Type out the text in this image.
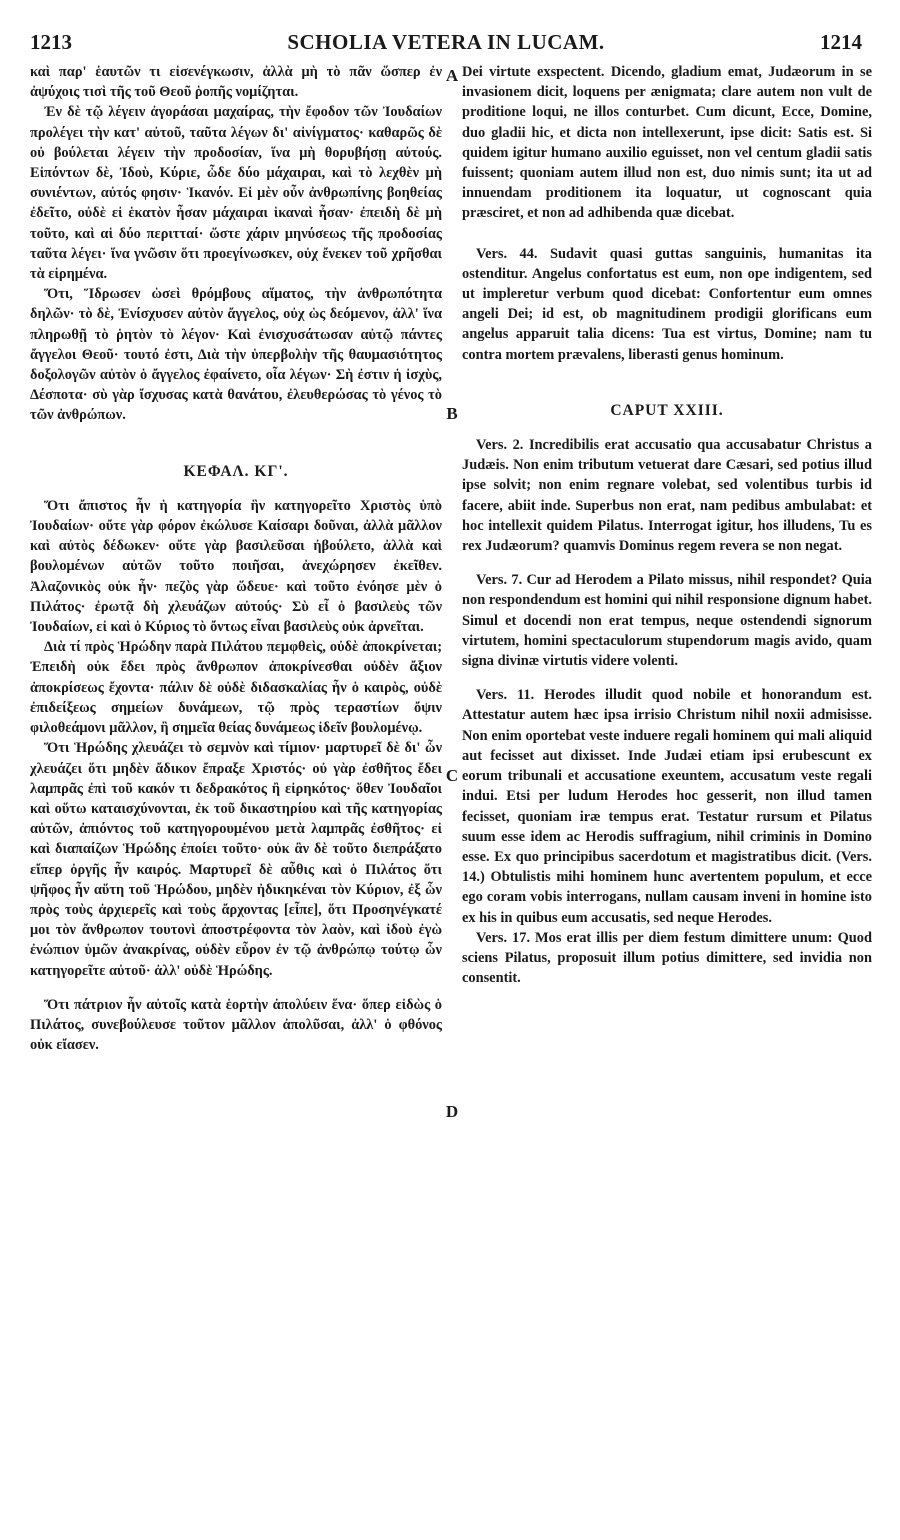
1213	SCHOLIA VETERA IN LUCAM.	1214

καὶ παρ' ἑαυτῶν τι εἰσενέγκωσιν, ἀλλὰ μὴ τὸ πᾶν ὥσπερ ἐν ἀψύχοις τισὶ τῆς τοῦ Θεοῦ ῥοπῆς νομίζηται.

Ἐν δὲ τῷ λέγειν ἀγοράσαι μαχαίρας, τὴν ἔφοδον τῶν Ἰουδαίων προλέγει τὴν κατ' αὐτοῦ, ταῦτα λέγων δι' αἰνίγματος· καθαρῶς δὲ οὐ βούλεται λέγειν τὴν προδοσίαν, ἵνα μὴ θορυβήσῃ αὐτούς. Εἰπόντων δὲ, Ἰδοὺ, Κύριε, ὧδε δύο μάχαιραι, καὶ τὸ λεχθὲν μὴ συνιέντων, αὐτός φησιν· Ἱκανόν. Εἰ μὲν οὖν ἀνθρωπίνης βοηθείας ἐδεῖτο, οὐδὲ εἰ ἑκατὸν ἦσαν μάχαιραι ἱκαναὶ ἦσαν· ἐπειδὴ δὲ μὴ τοῦτο, καὶ αἱ δύο περιτταί· ὥστε χάριν μηνύσεως τῆς προδοσίας ταῦτα λέγει· ἵνα γνῶσιν ὅτι προεγίνωσκεν, οὐχ ἔνεκεν τοῦ χρῆσθαι τὰ εἰρημένα.

Ὅτι, Ἵδρωσεν ὡσεὶ θρόμβους αἵματος, τὴν ἀνθρωπότητα δηλῶν· τὸ δὲ, Ἐνίσχυσεν αὐτὸν ἄγγελος, οὐχ ὡς δεόμενον, ἀλλ' ἵνα πληρωθῇ τὸ ῥητὸν τὸ λέγον· Καὶ ἐνισχυσάτωσαν αὐτῷ πάντες ἄγγελοι Θεοῦ· τουτό ἐστι, Διὰ τὴν ὑπερβολὴν τῆς θαυμασιότητος δοξολογῶν αὐτὸν ὁ ἄγγελος ἐφαίνετο, οἷα λέγων· Σὴ ἐστιν ἡ ἰσχὺς, Δέσποτα· σὺ γὰρ ἴσχυσας κατὰ θανάτου, ἐλευθερώσας τὸ γένος τὸ τῶν ἀνθρώπων.

ΚΕΦΑΛ. ΚΓ'.

Ὅτι ἄπιστος ἦν ἡ κατηγορία ἣν κατηγορεῖτο Χριστὸς ὑπὸ Ἰουδαίων· οὔτε γὰρ φόρον ἐκώλυσε Καίσαρι δοῦναι, ἀλλὰ μᾶλλον καὶ αὐτὸς δέδωκεν· οὔτε γὰρ βασιλεῦσαι ἠβούλετο, ἀλλὰ καὶ βουλομένων αὐτῶν τοῦτο ποιῆσαι, ἀνεχώρησεν ἐκεῖθεν. Ἀλαζονικὸς οὐκ ἦν· πεζὸς γὰρ ὥδευε· καὶ τοῦτο ἐνόησε μὲν ὁ Πιλάτος· ἐρωτᾷ δὴ χλευάζων αὐτούς· Σὺ εἶ ὁ βασιλεὺς τῶν Ἰουδαίων, εἰ καὶ ὁ Κύριος τὸ ὄντως εἶναι βασιλεὺς οὐκ ἀρνεῖται.

Διὰ τί πρὸς Ἡρώδην παρὰ Πιλάτου πεμφθεὶς, οὐδὲ ἀποκρίνεται; Ἐπειδὴ οὐκ ἔδει πρὸς ἄνθρωπον ἀποκρίνεσθαι οὐδὲν ἄξιον ἀποκρίσεως ἔχοντα· πάλιν δὲ οὐδὲ διδασκαλίας ἦν ὁ καιρὸς, οὐδὲ ἐπιδείξεως σημείων δυνάμεων, τῷ πρὸς τεραστίων ὄψιν φιλοθεάμονι μᾶλλον, ἢ σημεῖα θείας δυνάμεως ἰδεῖν βουλομένῳ.

Ὅτι Ἡρώδης χλευάζει τὸ σεμνὸν καὶ τίμιον· μαρτυρεῖ δὲ δι' ὧν χλευάζει ὅτι μηδὲν ἄδικον ἔπραξε Χριστός· οὐ γὰρ ἐσθῆτος ἔδει λαμπρᾶς ἐπὶ τοῦ κακόν τι δεδρακότος ἢ εἰρηκότος· ὅθεν Ἰουδαῖοι καὶ οὕτω καταισχύνονται, ἐκ τοῦ δικαστηρίου καὶ τῆς κατηγορίας αὐτῶν, ἀπιόντος τοῦ κατηγορουμένου μετὰ λαμπρᾶς ἐσθῆτος· εἰ καὶ διαπαίζων Ἡρώδης ἐποίει τοῦτο· οὐκ ἂν δὲ τοῦτο διεπράξατο εἴπερ ὀργῆς ἦν καιρός. Μαρτυρεῖ δὲ αὖθις καὶ ὁ Πιλάτος ὅτι ψῆφος ἦν αὕτη τοῦ Ἡρώδου, μηδὲν ἠδικηκέναι τὸν Κύριον, ἐξ ὧν πρὸς τοὺς ἀρχιερεῖς καὶ τοὺς ἄρχοντας [εἶπε], ὅτι Προσηνέγκατέ μοι τὸν ἄνθρωπον τουτονὶ ἀποστρέφοντα τὸν λαὸν, καὶ ἰδοὺ ἐγὼ ἐνώπιον ὑμῶν ἀνακρίνας, οὐδὲν εὗρον ἐν τῷ ἀνθρώπῳ τούτῳ ὧν κατηγορεῖτε αὐτοῦ· ἀλλ' οὐδὲ Ἡρώδης.

Ὅτι πάτριον ἦν αὐτοῖς κατὰ ἑορτὴν ἀπολύειν ἕνα· ὅπερ εἰδὼς ὁ Πιλάτος, συνεβούλευσε τοῦτον μᾶλλον ἀπολῦσαι, ἀλλ' ὁ φθόνος οὐκ εἴασεν.

A
B
C
D

Dei virtute exspectent. Dicendo, gladium emat, Judæorum in se invasionem dicit, loquens per ænigmata; clare autem non vult de proditione loqui, ne illos conturbet. Cum dicunt, Ecce, Domine, duo gladii hic, et dicta non intellexerunt, ipse dicit: Satis est. Si quidem igitur humano auxilio eguisset, non vel centum gladii satis fuissent; quoniam autem illud non est, duo nimis sunt; ita ut ad innuendam proditionem ita loquatur, ut cognoscant quia præsciret, et non ad adhibenda quæ dicebat.

Vers. 44. Sudavit quasi guttas sanguinis, humanitas ita ostenditur. Angelus confortatus est eum, non ope indigentem, sed ut impleretur verbum quod dicebat: Confortentur eum omnes angeli Dei; id est, ob magnitudinem prodigii glorificans eum angelus apparuit talia dicens: Tua est virtus, Domine; nam tu contra mortem prævalens, liberasti genus hominum.

CAPUT XXIII.

Vers. 2. Incredibilis erat accusatio qua accusabatur Christus a Judæis. Non enim tributum vetuerat dare Cæsari, sed potius illud ipse solvit; non enim regnare volebat, sed volentibus turbis id facere, abiit inde. Superbus non erat, nam pedibus ambulabat: et hoc intellexit quidem Pilatus. Interrogat igitur, hos illudens, Tu es rex Judæorum? quamvis Dominus regem revera se non negat.

Vers. 7. Cur ad Herodem a Pilato missus, nihil respondet? Quia non respondendum est homini qui nihil responsione dignum habet. Simul et docendi non erat tempus, neque ostendendi signorum virtutem, homini spectaculorum stupendorum magis avido, quam signa divinæ virtutis videre volenti.

Vers. 11. Herodes illudit quod nobile et honorandum est. Attestatur autem hæc ipsa irrisio Christum nihil noxii admisisse. Non enim oportebat veste induere regali hominem qui mali aliquid aut fecisset aut dixisset. Inde Judæi etiam ipsi erubescunt ex eorum tribunali et accusatione exeuntem, accusatum veste regali indui. Etsi per ludum Herodes hoc gesserit, non illud tamen fecisset, quoniam iræ tempus erat. Testatur rursum et Pilatus suum esse idem ac Herodis suffragium, nihil criminis in Domino esse. Ex quo principibus sacerdotum et magistratibus dicit. (Vers. 14.) Obtulistis mihi hominem hunc avertentem populum, et ecce ego coram vobis interrogans, nullam causam inveni in homine isto ex his in quibus eum accusatis, sed neque Herodes.

Vers. 17. Mos erat illis per diem festum dimittere unum: Quod sciens Pilatus, proposuit illum potius dimittere, sed invidia non consentit.
